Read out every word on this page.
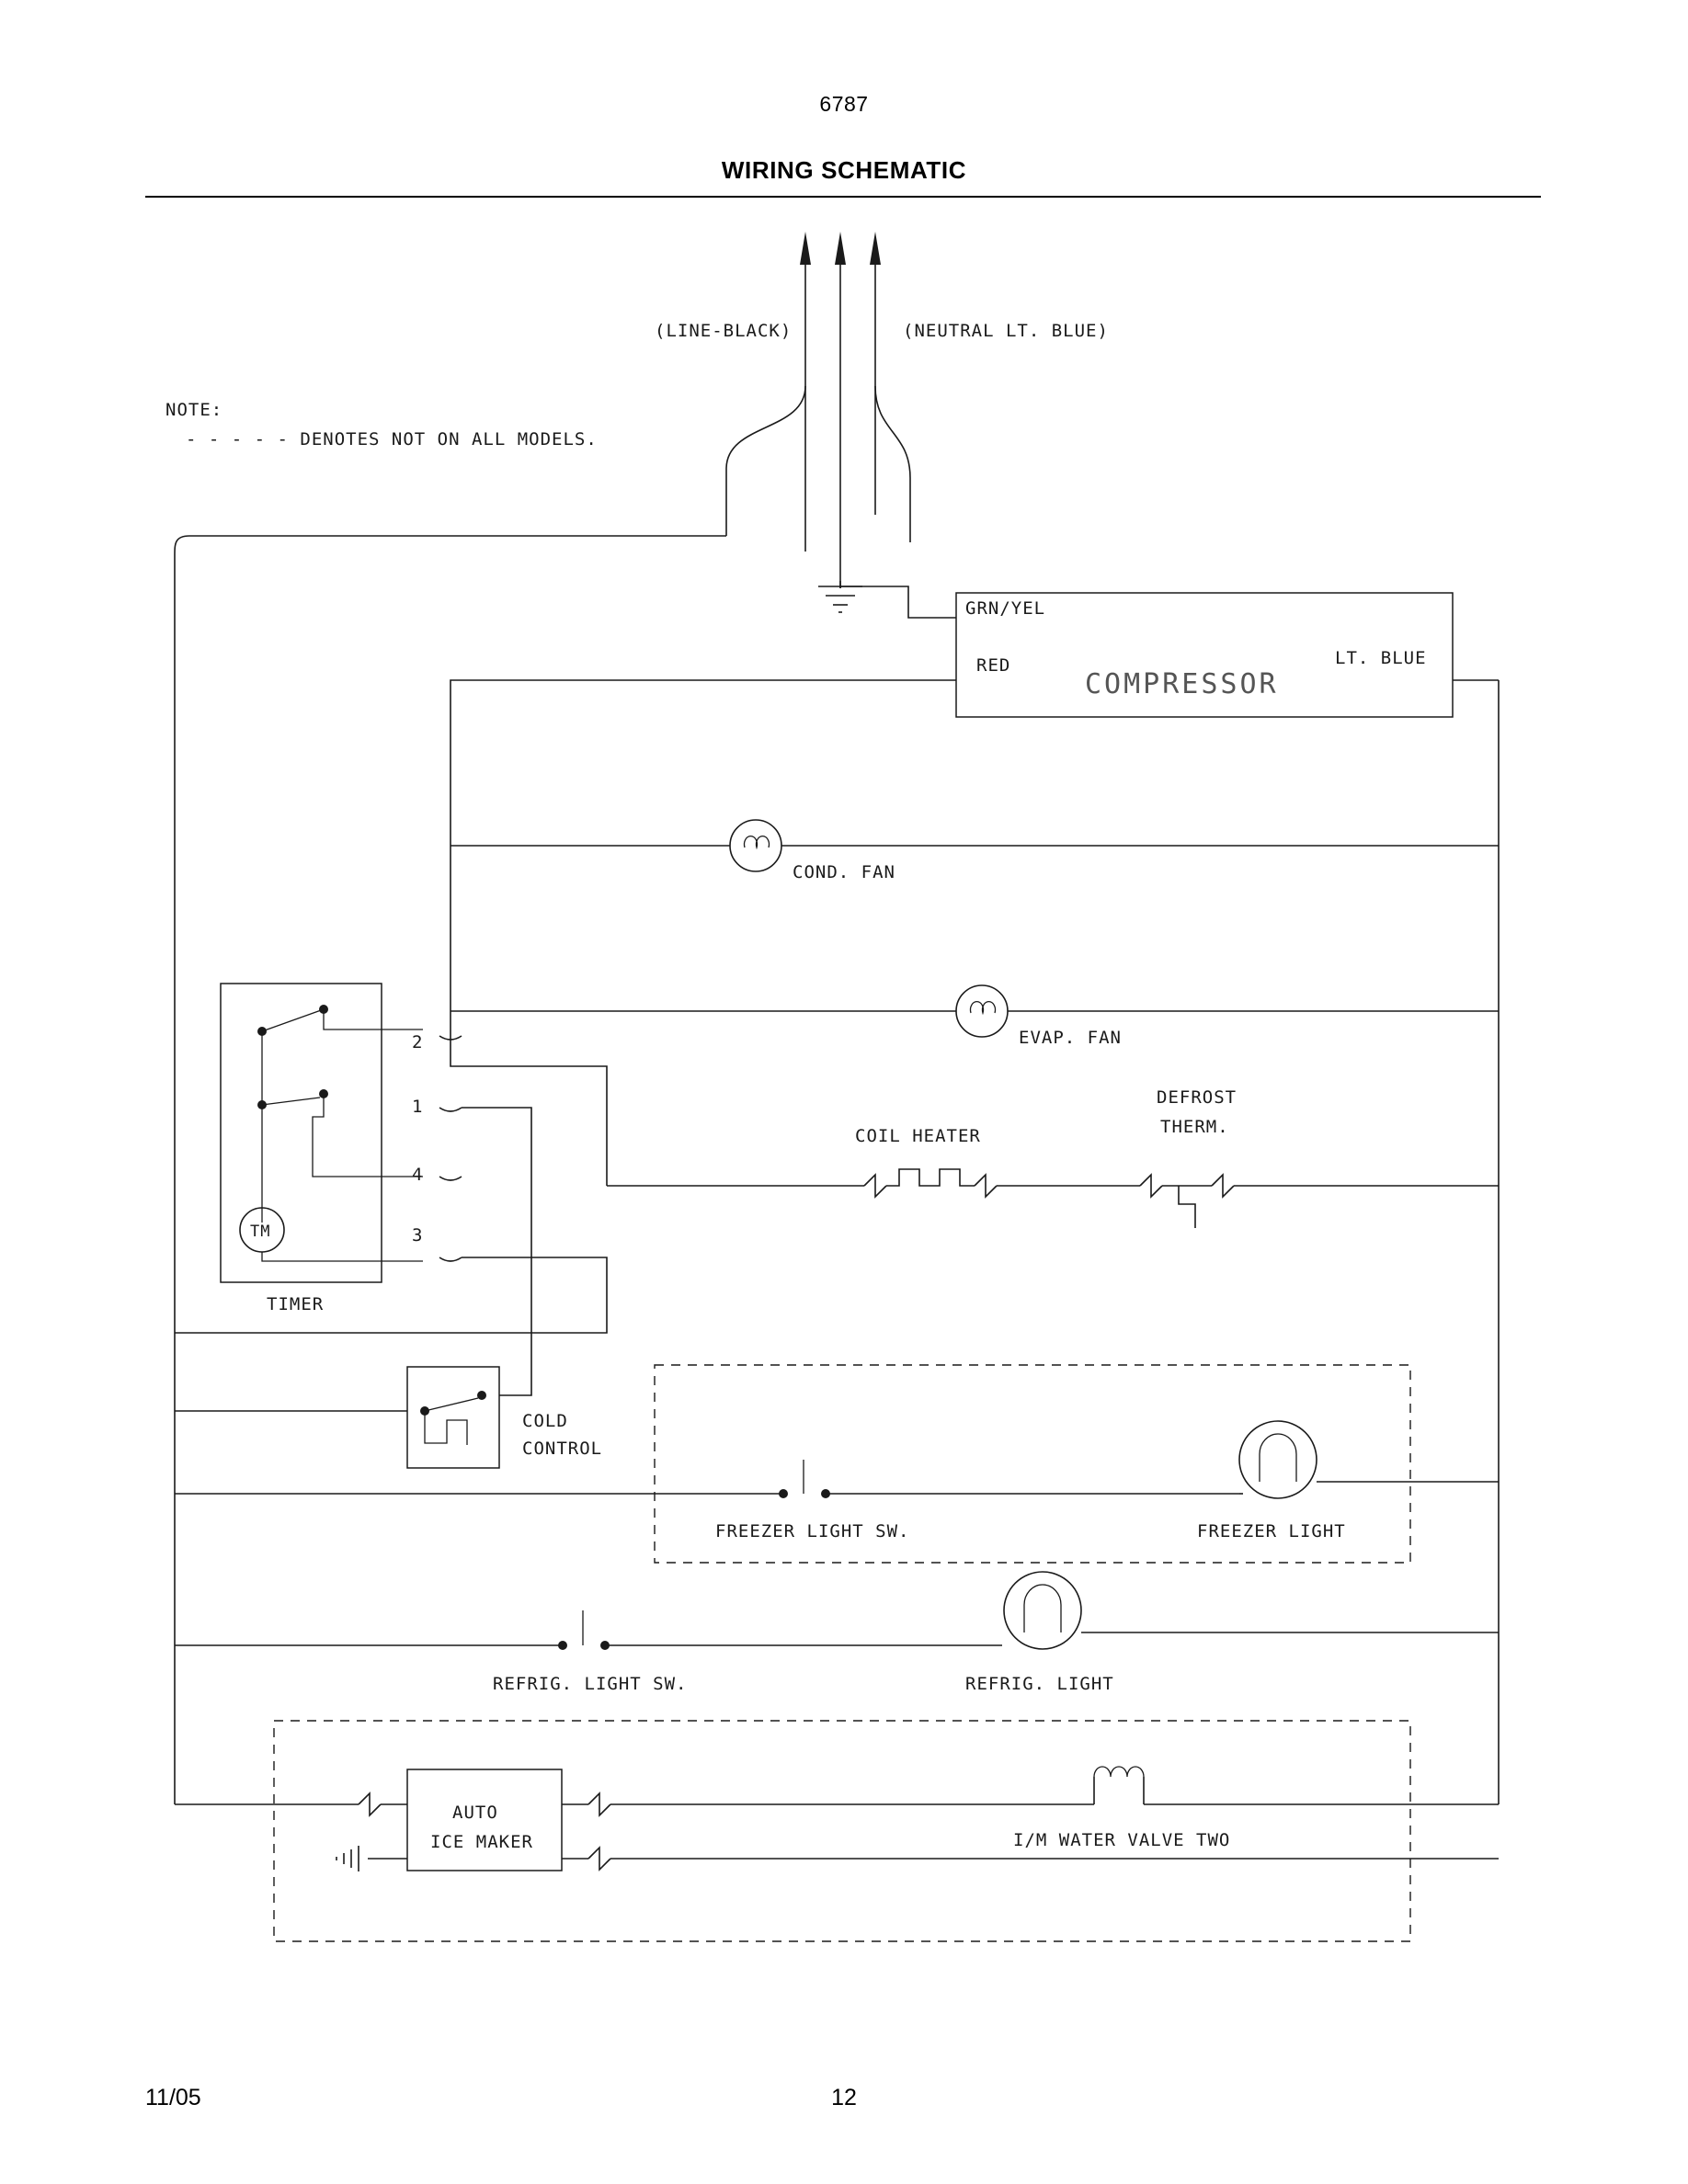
6787
WIRING SCHEMATIC
(LINE-BLACK)	(NEUTRAL LT. BLUE)
NOTE:
- - - - - DENOTES NOT ON ALL MODELS.
COMPRESSOR
GRN/YEL
RED	LT. BLUE
COND. FAN
EVAP. FAN
TM
TIMER
2
1
4
3
COIL HEATER
DEFROST
THERM.
COLD
CONTROL
FREEZER LIGHT SW.	FREEZER LIGHT
REFRIG. LIGHT SW.	REFRIG. LIGHT
AUTO
ICE MAKER	I/M WATER VALVE TWO
11/05	12
